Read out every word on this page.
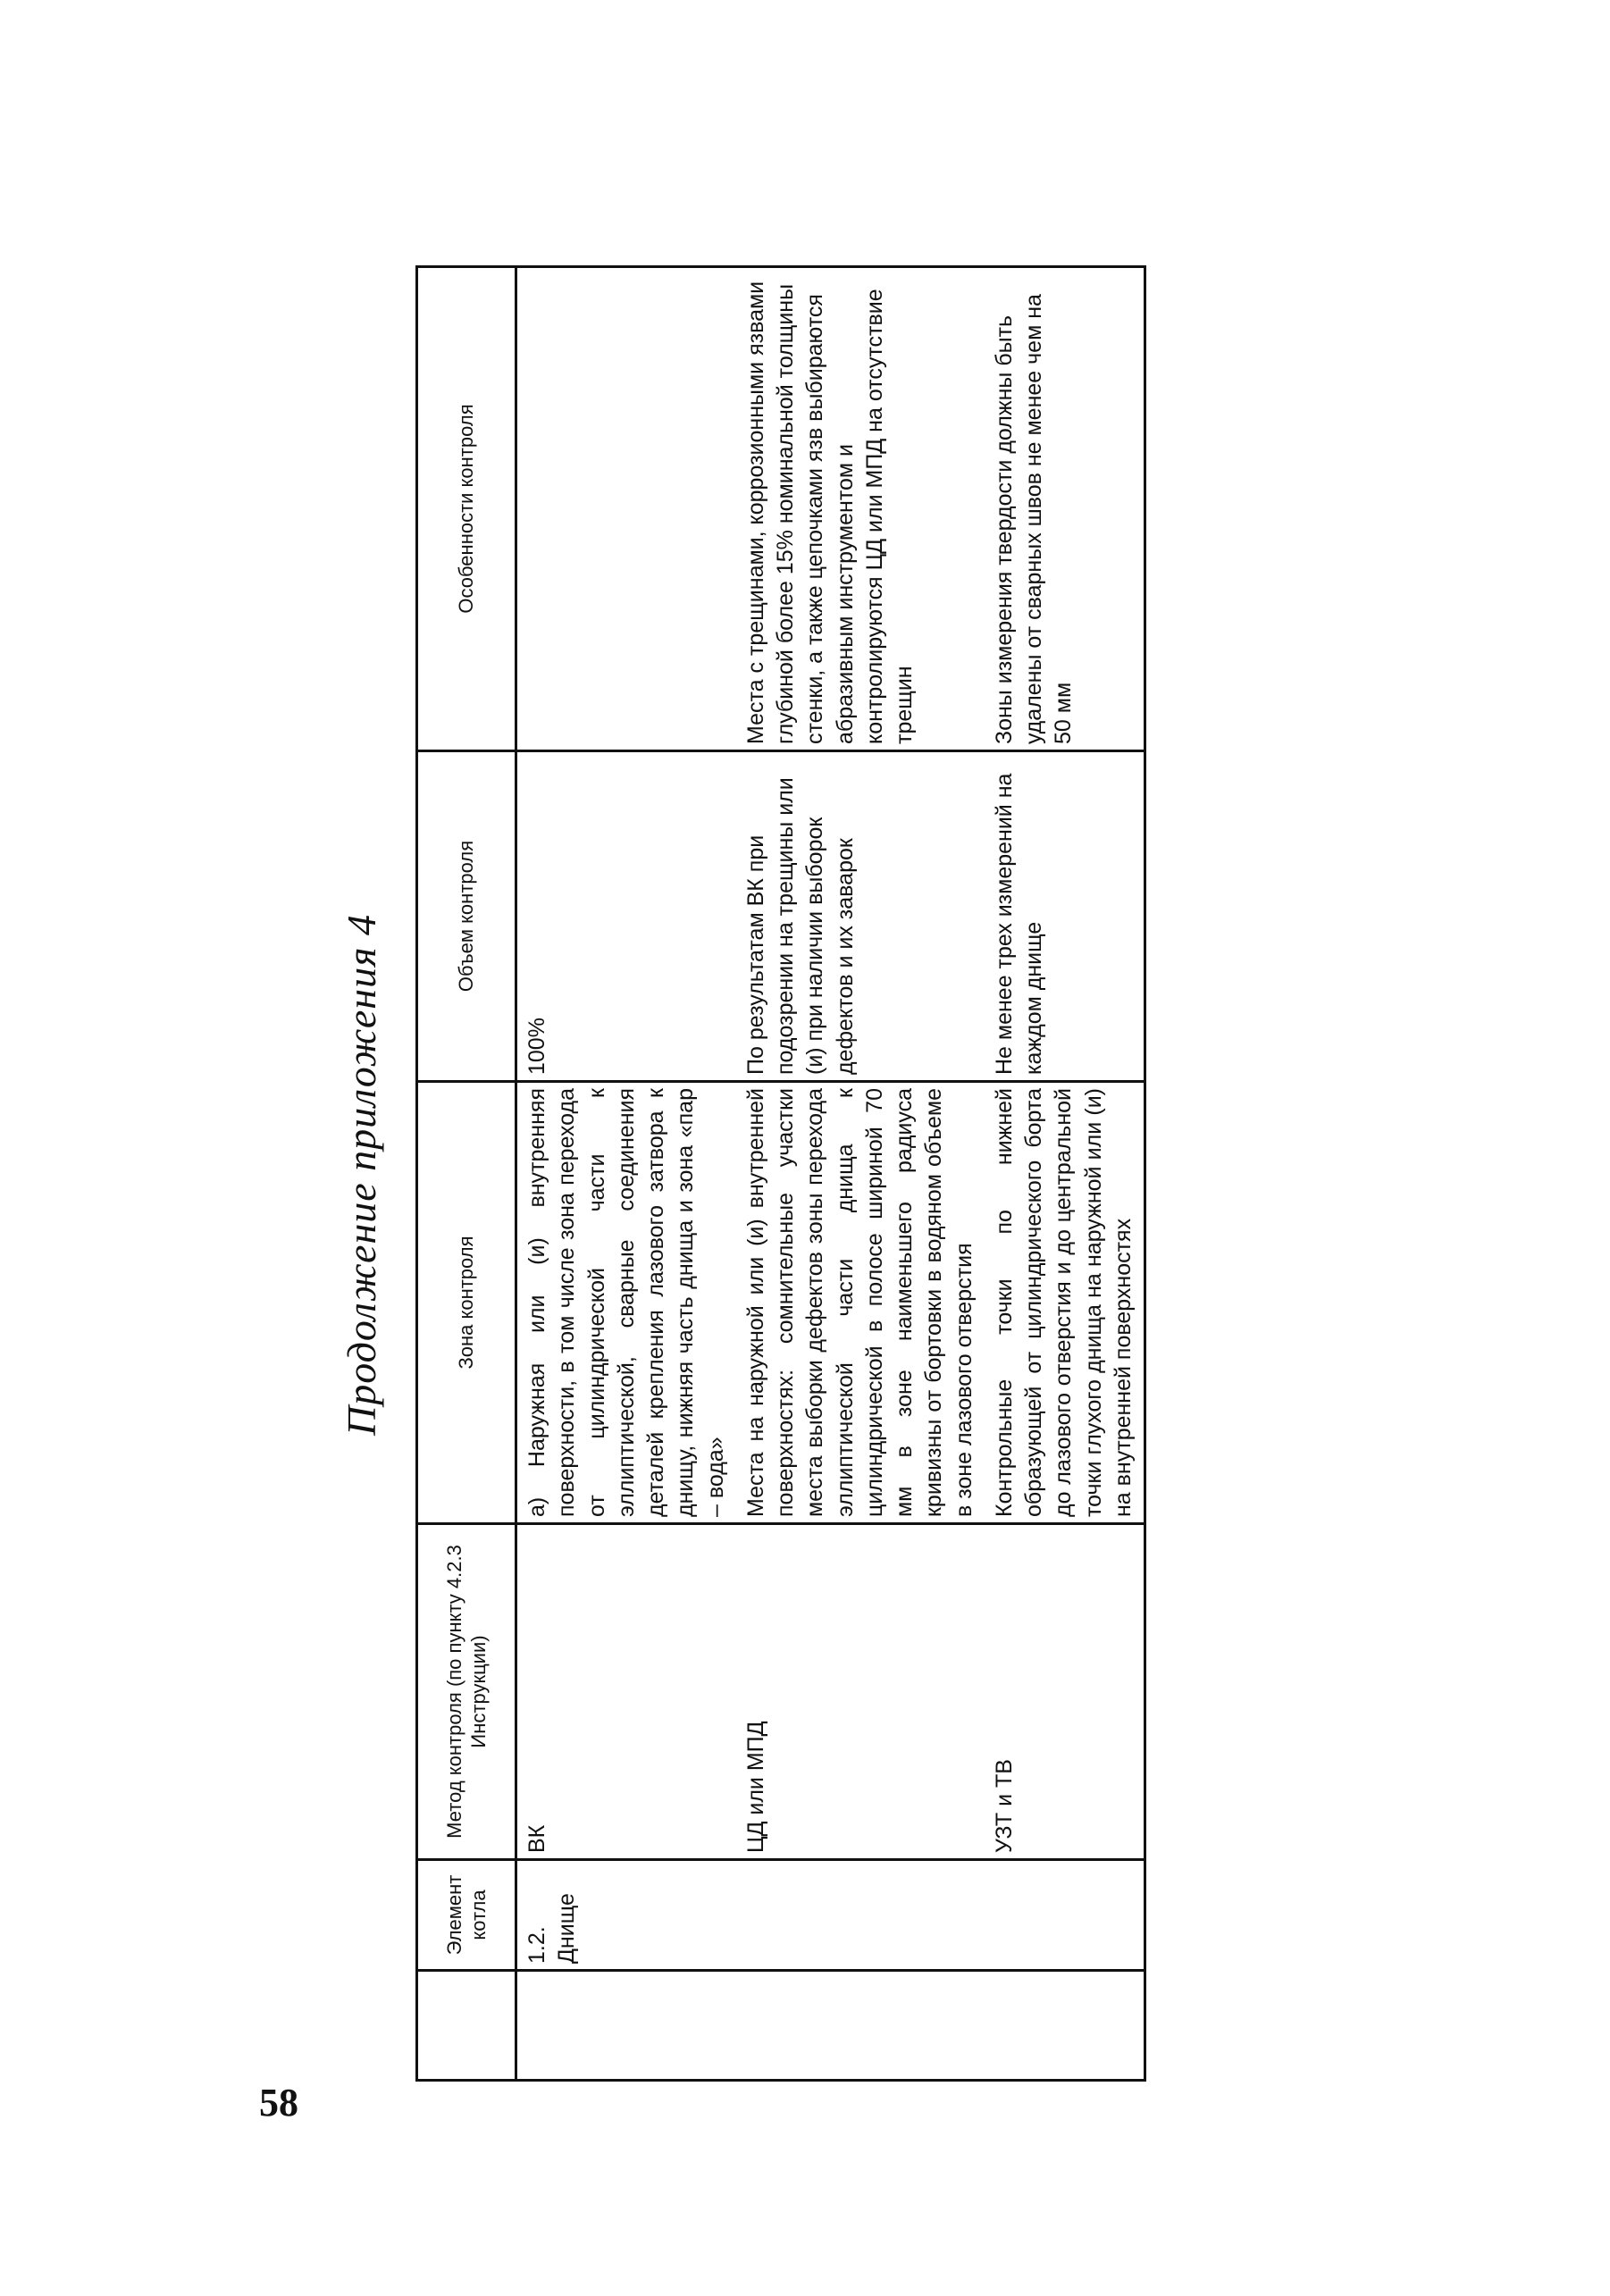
58
Продолжение приложения 4
	Элемент котла	Метод контроля (по пункту 4.2.3 Инструкции)	Зона контроля	Объем контроля	Особенности контроля
	1.2. Днище	ВК	а) Наружная или (и) внутренняя поверхности, в том числе зона перехода от цилиндрической части к эллиптической, сварные соединения деталей крепления лазового затвора к днищу, нижняя часть днища и зона «пар – вода»	100%	
		ЦД или МПД	Места на наружной или (и) внутренней поверхностях: сомнительные участки места выборки дефектов зоны перехода эллиптической части днища к цилиндрической в полосе шириной 70 мм в зоне наименьшего радиуса кривизны от бортовки в водяном объеме в зоне лазового отверстия	По результатам ВК при подозрении на трещины или (и) при наличии выборок дефектов и их заварок	Места с трещинами, коррозионными язвами глубиной более 15% номинальной толщины стенки, а также цепочками язв выбираются абразивным инструментом и контролируются ЦД или МПД на отсутствие трещин
		УЗТ и ТВ	Контрольные точки по нижней образующей от цилиндрического борта до лазового отверстия и до центральной точки глухого днища на наружной или (и) на внутренней поверхностях	Не менее трех измерений на каждом днище	Зоны измерения твердости должны быть удалены от сварных швов не менее чем на 50 мм
